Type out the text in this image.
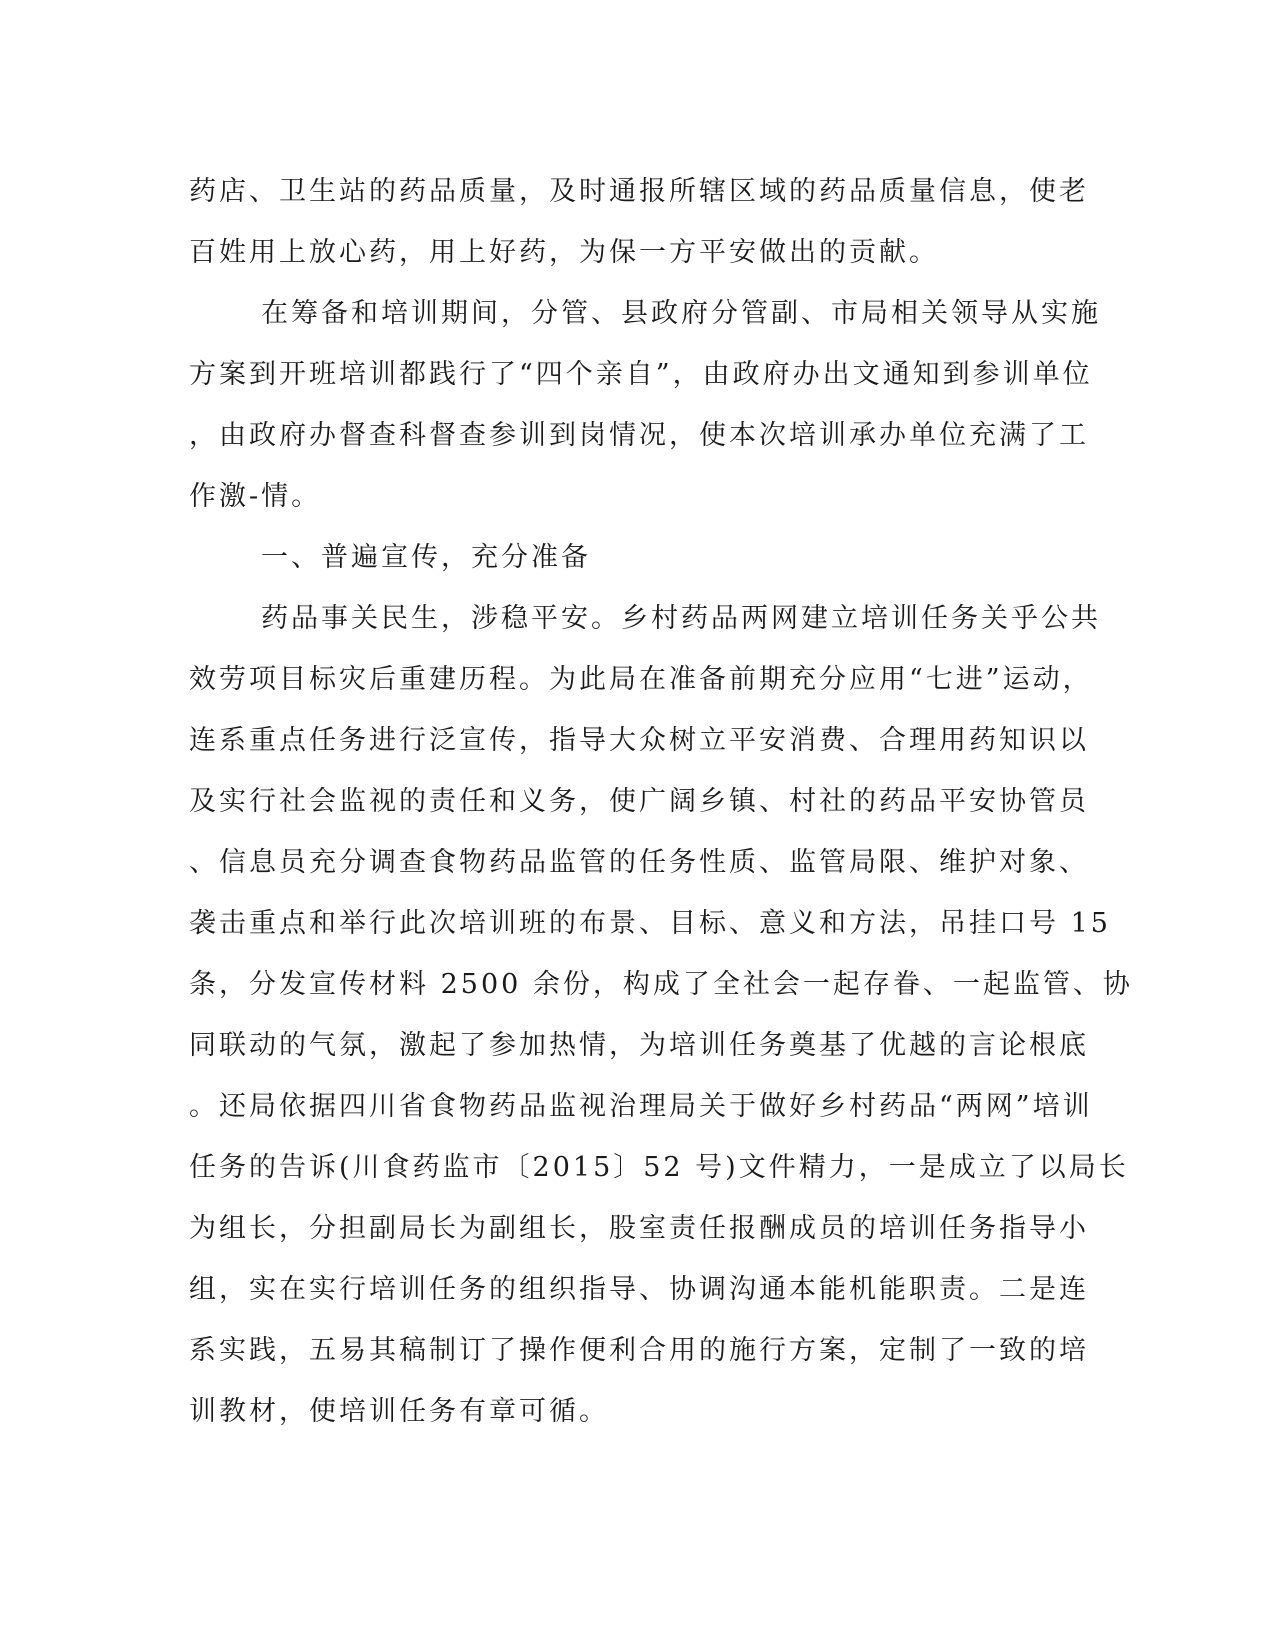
药店、卫生站的药品质量，及时通报所辖区域的药品质量信息，使老
百姓用上放心药，用上好药，为保一方平安做出的贡献。
在筹备和培训期间，分管、县政府分管副、市局相关领导从实施
方案到开班培训都践行了“四个亲自”，由政府办出文通知到参训单位
，由政府办督查科督查参训到岗情况，使本次培训承办单位充满了工
作激-情。
一、普遍宣传，充分准备
药品事关民生，涉稳平安。乡村药品两网建立培训任务关乎公共
效劳项目标灾后重建历程。为此局在准备前期充分应用“七进”运动，
连系重点任务进行泛宣传，指导大众树立平安消费、合理用药知识以
及实行社会监视的责任和义务，使广阔乡镇、村社的药品平安协管员
、信息员充分调查食物药品监管的任务性质、监管局限、维护对象、
袭击重点和举行此次培训班的布景、目标、意义和方法，吊挂口号 15
条，分发宣传材料 2500 余份，构成了全社会一起存眷、一起监管、协
同联动的气氛，激起了参加热情，为培训任务奠基了优越的言论根底
。还局依据四川省食物药品监视治理局关于做好乡村药品“两网”培训
任务的告诉(川食药监市〔2015〕52 号)文件精力，一是成立了以局长
为组长，分担副局长为副组长，股室责任报酬成员的培训任务指导小
组，实在实行培训任务的组织指导、协调沟通本能机能职责。二是连
系实践，五易其稿制订了操作便利合用的施行方案，定制了一致的培
训教材，使培训任务有章可循。
